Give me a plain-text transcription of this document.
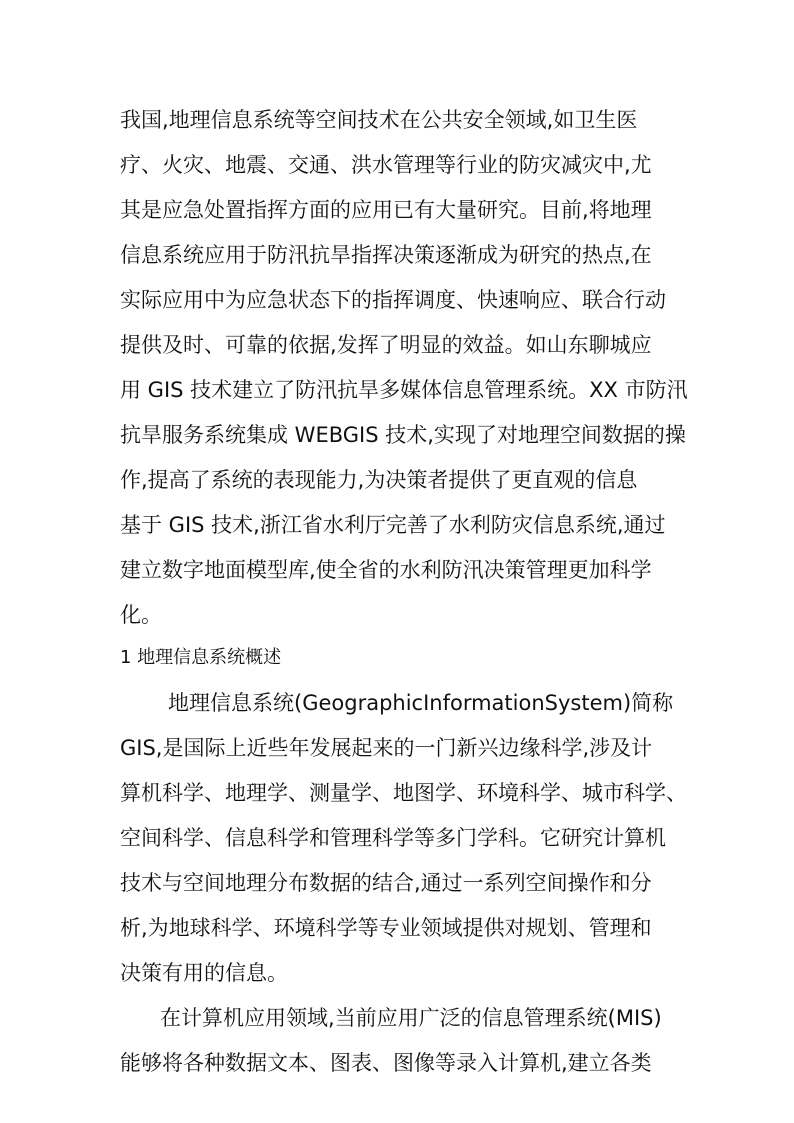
我国,地理信息系统等空间技术在公共安全领域,如卫生医
疗、火灾、地震、交通、洪水管理等行业的防灾减灾中,尤
其是应急处置指挥方面的应用已有大量研究。目前,将地理
信息系统应用于防汛抗旱指挥决策逐渐成为研究的热点,在
实际应用中为应急状态下的指挥调度、快速响应、联合行动
提供及时、可靠的依据,发挥了明显的效益。如山东聊城应
用 GIS 技术建立了防汛抗旱多媒体信息管理系统。XX 市防汛
抗旱服务系统集成 WEBGIS 技术,实现了对地理空间数据的操
作,提高了系统的表现能力,为决策者提供了更直观的信息
基于 GIS 技术,浙江省水利厅完善了水利防灾信息系统,通过
建立数字地面模型库,使全省的水利防汛决策管理更加科学
化。
1 地理信息系统概述
地理信息系统(GeographicInformationSystem)简称
GIS,是国际上近些年发展起来的一门新兴边缘科学,涉及计
算机科学、地理学、测量学、地图学、环境科学、城市科学、
空间科学、信息科学和管理科学等多门学科。它研究计算机
技术与空间地理分布数据的结合,通过一系列空间操作和分
析,为地球科学、环境科学等专业领域提供对规划、管理和
决策有用的信息。
在计算机应用领域,当前应用广泛的信息管理系统(MIS)
能够将各种数据文本、图表、图像等录入计算机,建立各类
